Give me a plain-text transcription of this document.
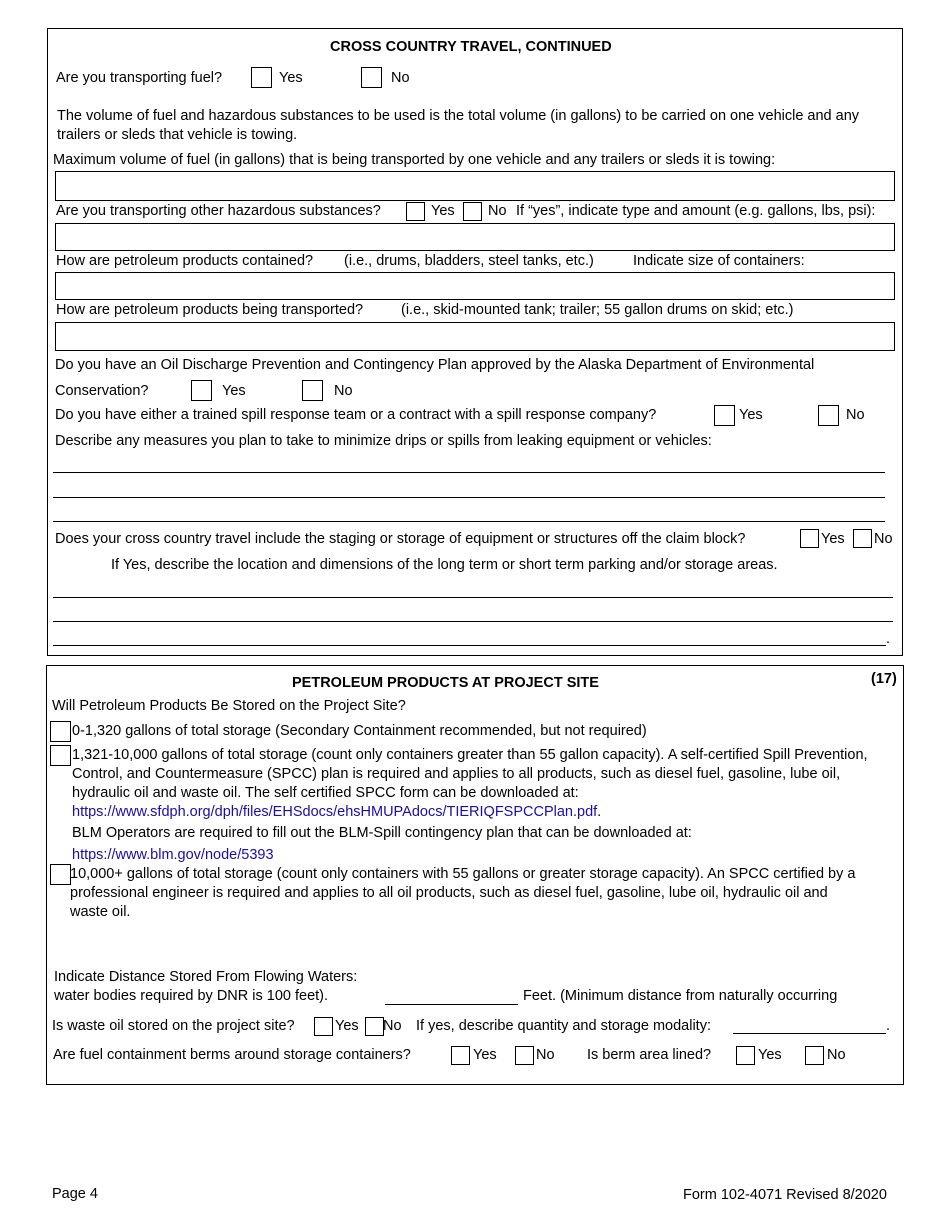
CROSS COUNTRY TRAVEL, CONTINUED
Are you transporting fuel?	Yes	No
The volume of fuel and hazardous substances to be used is the total volume (in gallons) to be carried on one vehicle and any trailers or sleds that vehicle is towing.
Maximum volume of fuel (in gallons) that is being transported by one vehicle and any trailers or sleds it is towing:
Are you transporting other hazardous substances?	Yes No If “yes”, indicate type and amount (e.g. gallons, lbs, psi):
How are petroleum products contained? (i.e., drums, bladders, steel tanks, etc.)	Indicate size of containers:
How are petroleum products being transported?	(i.e., skid-mounted tank; trailer; 55 gallon drums on skid; etc.)
Do you have an Oil Discharge Prevention and Contingency Plan approved by the Alaska Department of Environmental
Conservation?	Yes	No
Do you have either a trained spill response team or a contract with a spill response company?	Yes	No
Describe any measures you plan to take to minimize drips or spills from leaking equipment or vehicles:
Does your cross country travel include the staging or storage of equipment or structures off the claim block?	Yes No
If Yes, describe the location and dimensions of the long term or short term parking and/or storage areas.
.
PETROLEUM PRODUCTS AT PROJECT SITE	(17)
Will Petroleum Products Be Stored on the Project Site?
0-1,320 gallons of total storage (Secondary Containment recommended, but not required)
1,321-10,000 gallons of total storage (count only containers greater than 55 gallon capacity). A self-certified Spill Prevention, Control, and Countermeasure (SPCC) plan is required and applies to all products, such as diesel fuel, gasoline, lube oil, hydraulic oil and waste oil. The self certified SPCC form can be downloaded at: https://www.sfdph.org/dph/files/EHSdocs/ehsHMUPAdocs/TIERIQFSPCCPlan.pdf.
BLM Operators are required to fill out the BLM-Spill contingency plan that can be downloaded at:
https://www.blm.gov/node/5393
10,000+ gallons of total storage (count only containers with 55 gallons or greater storage capacity). An SPCC certified by a professional engineer is required and applies to all oil products, such as diesel fuel, gasoline, lube oil, hydraulic oil and waste oil.
Indicate Distance Stored From Flowing Waters:
water bodies required by DNR is 100 feet).	Feet. (Minimum distance from naturally occurring
Is waste oil stored on the project site?	Yes No If yes, describe quantity and storage modality:	.
Are fuel containment berms around storage containers?	Yes	No Is berm area lined?	Yes	No
Page 4	Form 102-4071 Revised 8/2020
